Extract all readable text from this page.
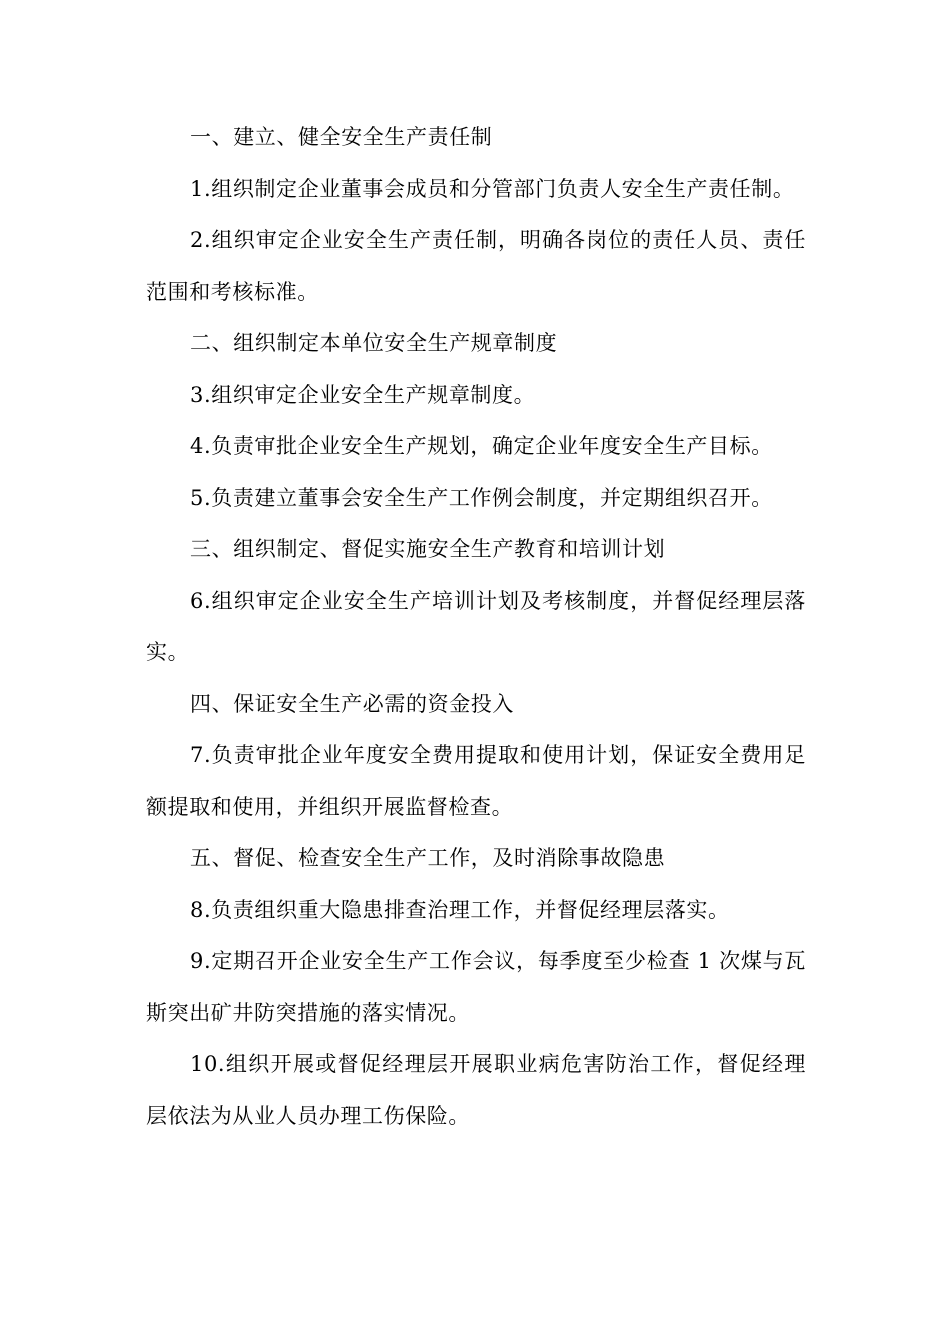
一、建立、健全安全生产责任制

1.组织制定企业董事会成员和分管部门负责人安全生产责任制。

2.组织审定企业安全生产责任制，明确各岗位的责任人员、责任范围和考核标准。

二、组织制定本单位安全生产规章制度

3.组织审定企业安全生产规章制度。

4.负责审批企业安全生产规划，确定企业年度安全生产目标。

5.负责建立董事会安全生产工作例会制度，并定期组织召开。

三、组织制定、督促实施安全生产教育和培训计划

6.组织审定企业安全生产培训计划及考核制度，并督促经理层落实。

四、保证安全生产必需的资金投入

7.负责审批企业年度安全费用提取和使用计划，保证安全费用足额提取和使用，并组织开展监督检查。

五、督促、检查安全生产工作，及时消除事故隐患

8.负责组织重大隐患排查治理工作，并督促经理层落实。

9.定期召开企业安全生产工作会议，每季度至少检查 1 次煤与瓦斯突出矿井防突措施的落实情况。

10.组织开展或督促经理层开展职业病危害防治工作，督促经理层依法为从业人员办理工伤保险。
